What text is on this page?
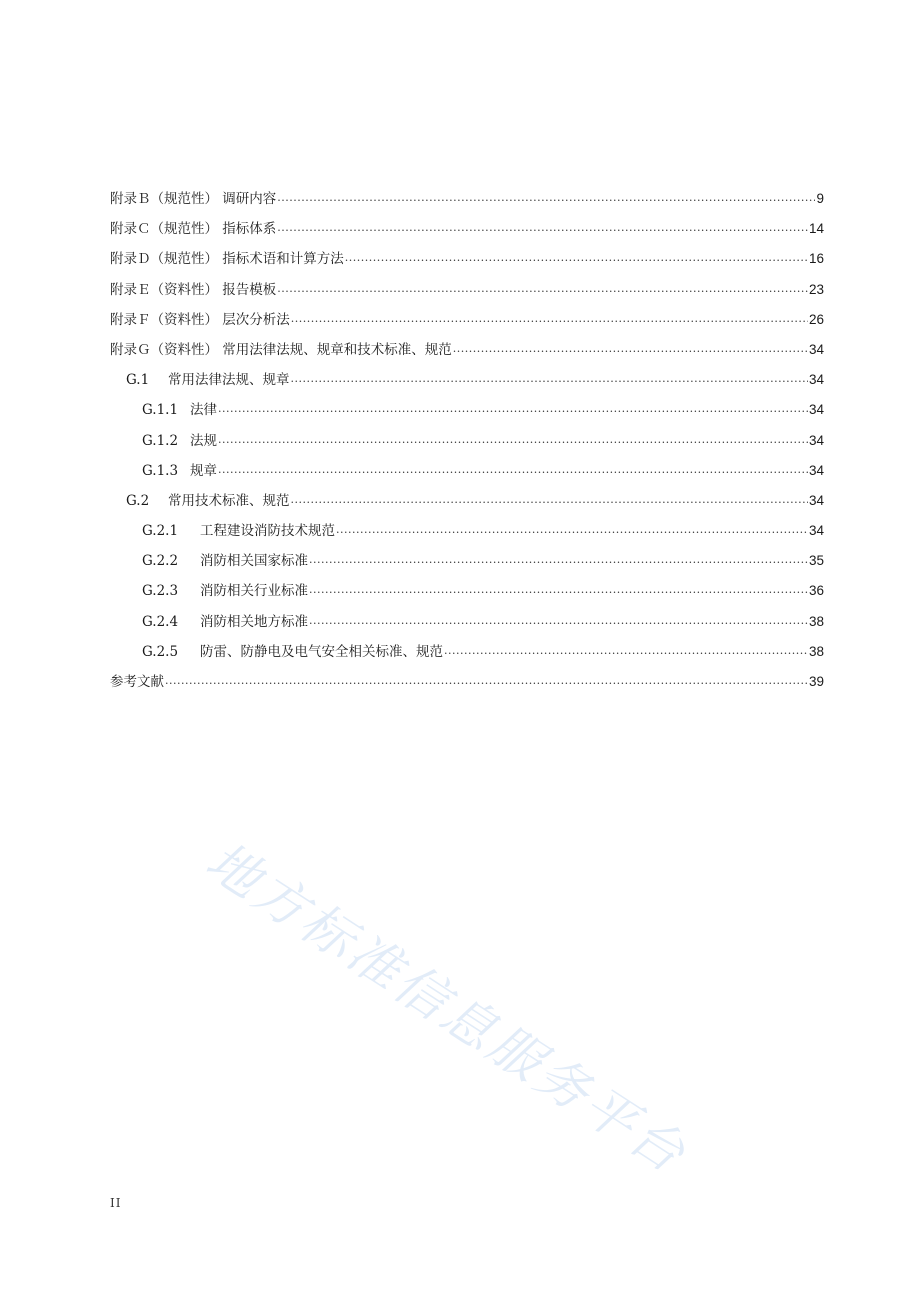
附录Ｂ（规范性） 调研内容 .....	9
附录Ｃ（规范性） 指标体系 .....	14
附录Ｄ（规范性） 指标术语和计算方法 .....	16
附录Ｅ（资料性） 报告模板 .....	23
附录Ｆ（资料性） 层次分析法 .....	26
附录Ｇ（资料性） 常用法律法规、规章和技术标准、规范 .....	34
G.1 常用法律法规、规章 .....	34
G.1.1 法律 .....	34
G.1.2 法规 .....	34
G.1.3 规章 .....	34
G.2 常用技术标准、规范 .....	34
G.2.1 工程建设消防技术规范 .....	34
G.2.2 消防相关国家标准 .....	35
G.2.3 消防相关行业标准 .....	36
G.2.4 消防相关地方标准 .....	38
G.2.5 防雷、防静电及电气安全相关标准、规范 .....	38
参考文献 .....	39
地方标准信息服务平台
II
